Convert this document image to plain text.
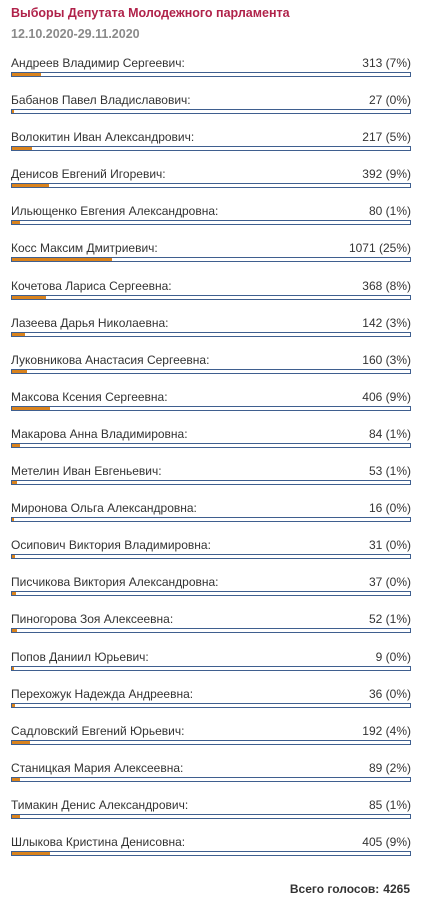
Выборы Депутата Молодежного парламента
12.10.2020-29.11.2020
Андреев Владимир Сергеевич:	313 (7%)
Бабанов Павел Владиславович:	27 (0%)
Волокитин Иван Александрович:	217 (5%)
Денисов Евгений Игоревич:	392 (9%)
Ильющенко Евгения Александровна:	80 (1%)
Косс Максим Дмитриевич:	1071 (25%)
Кочетова Лариса Сергеевна:	368 (8%)
Лазеева Дарья Николаевна:	142 (3%)
Луковникова Анастасия Сергеевна:	160 (3%)
Максова Ксения Сергеевна:	406 (9%)
Макарова Анна Владимировна:	84 (1%)
Метелин Иван Евгеньевич:	53 (1%)
Миронова Ольга Александровна:	16 (0%)
Осипович Виктория Владимировна:	31 (0%)
Писчикова Виктория Александровна:	37 (0%)
Пиногорова Зоя Алексеевна:	52 (1%)
Попов Даниил Юрьевич:	9 (0%)
Перехожук Надежда Андреевна:	36 (0%)
Садловский Евгений Юрьевич:	192 (4%)
Станицкая Мария Алексеевна:	89 (2%)
Тимакин Денис Александрович:	85 (1%)
Шлыкова Кристина Денисовна:	405 (9%)
Всего голосов: 4265
